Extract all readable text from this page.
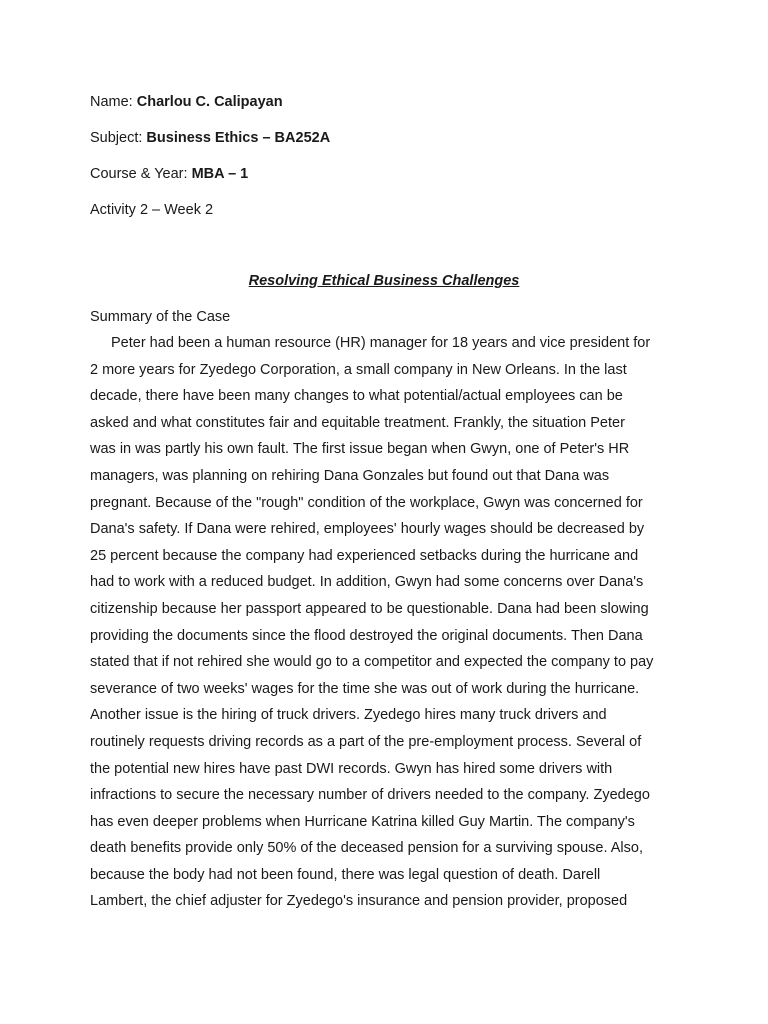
Name: Charlou C. Calipayan
Subject: Business Ethics – BA252A
Course & Year: MBA – 1
Activity 2 – Week 2
Resolving Ethical Business Challenges
Summary of the Case
Peter had been a human resource (HR) manager for 18 years and vice president for
2 more years for Zyedego Corporation, a small company in New Orleans. In the last
decade, there have been many changes to what potential/actual employees can be
asked and what constitutes fair and equitable treatment. Frankly, the situation Peter
was in was partly his own fault. The first issue began when Gwyn, one of Peter's HR
managers, was planning on rehiring Dana Gonzales but found out that Dana was
pregnant. Because of the "rough" condition of the workplace, Gwyn was concerned for
Dana's safety. If Dana were rehired, employees' hourly wages should be decreased by
25 percent because the company had experienced setbacks during the hurricane and
had to work with a reduced budget. In addition, Gwyn had some concerns over Dana's
citizenship because her passport appeared to be questionable. Dana had been slowing
providing the documents since the flood destroyed the original documents. Then Dana
stated that if not rehired she would go to a competitor and expected the company to pay
severance of two weeks' wages for the time she was out of work during the hurricane.
Another issue is the hiring of truck drivers. Zyedego hires many truck drivers and
routinely requests driving records as a part of the pre-employment process. Several of
the potential new hires have past DWI records. Gwyn has hired some drivers with
infractions to secure the necessary number of drivers needed to the company. Zyedego
has even deeper problems when Hurricane Katrina killed Guy Martin. The company's
death benefits provide only 50% of the deceased pension for a surviving spouse. Also,
because the body had not been found, there was legal question of death. Darell
Lambert, the chief adjuster for Zyedego's insurance and pension provider, proposed
